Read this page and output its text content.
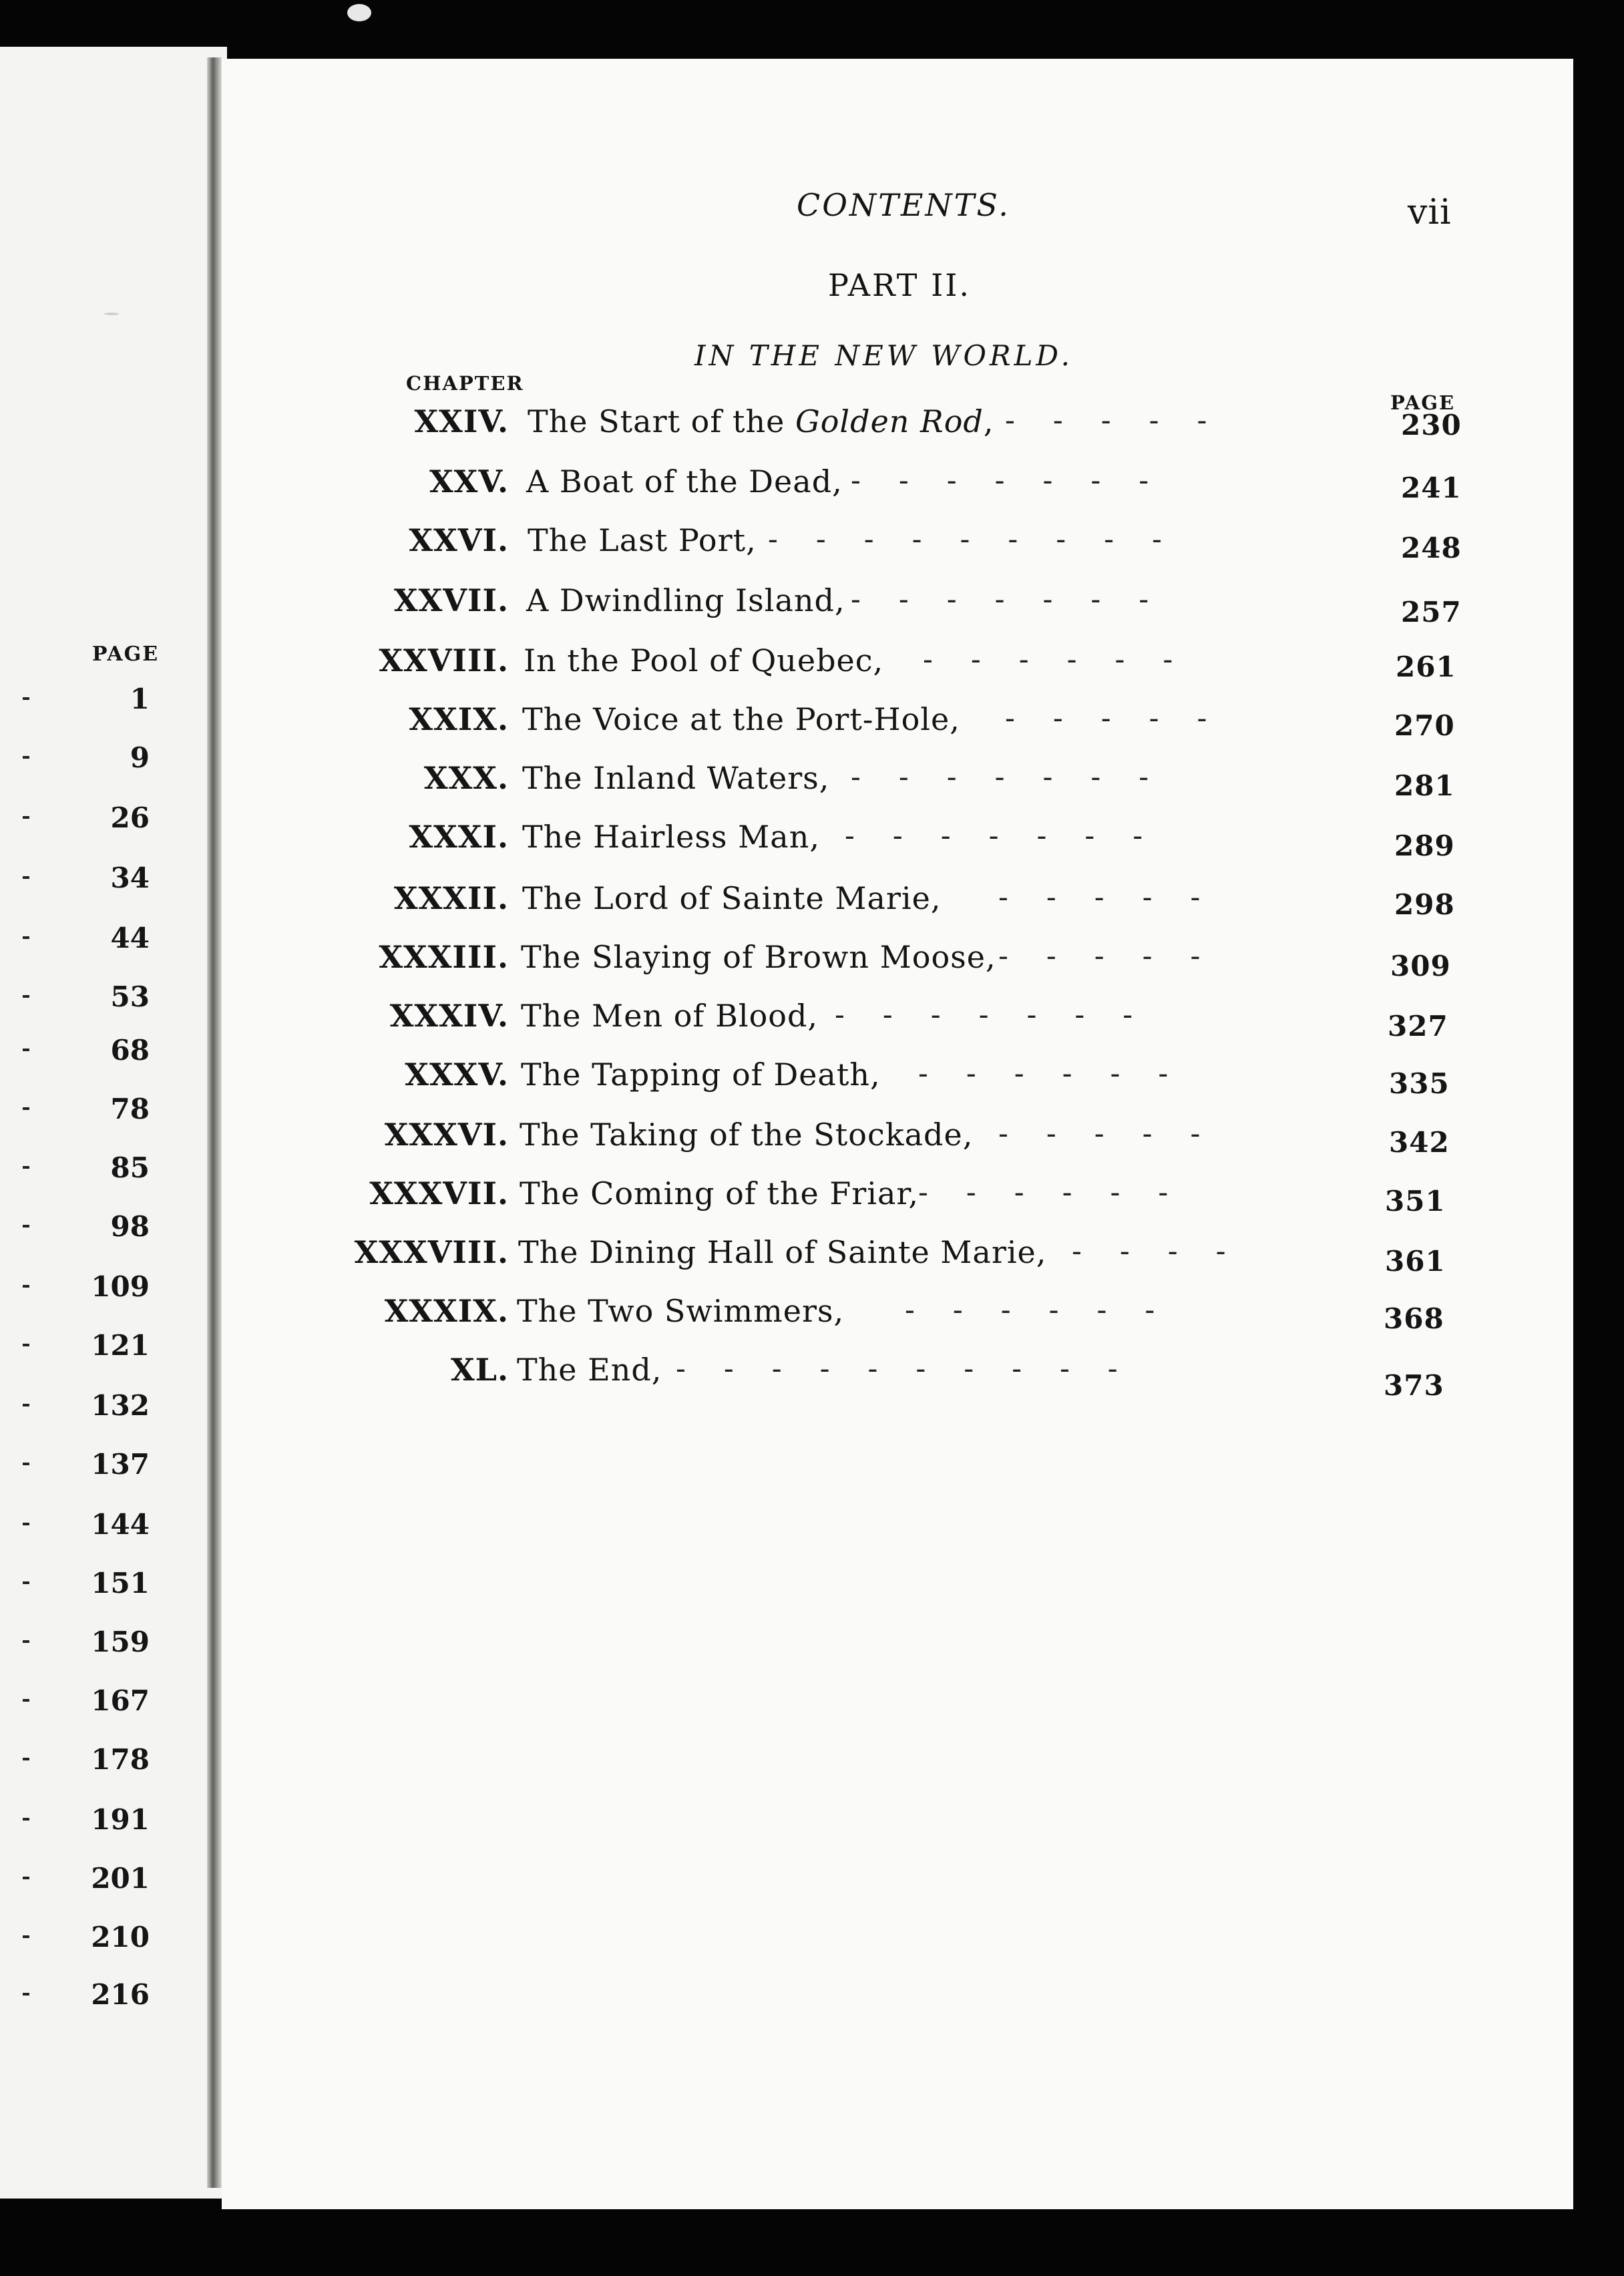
PAGE
1
9
26
34
44
53
68
78
85
98
109
121
132
137
144
151
159
167
178
191
201
210
216
CONTENTS.	vii
PART II.
IN THE NEW WORLD.
CHAPTER
PAGE
XXIV. The Start of the Golden Rod, -----	230
XXV. A Boat of the Dead, -------	241
XXVI. The Last Port, ---------	248
XXVII. A Dwindling Island, -------	257
XXVIII. In the Pool of Quebec, ------	261
XXIX. The Voice at the Port-Hole, -----	270
XXX. The Inland Waters, -------	281
XXXI. The Hairless Man, -------	289
XXXII. The Lord of Sainte Marie, -----	298
XXXIII. The Slaying of Brown Moose, -----	309
XXXIV. The Men of Blood, -------	327
XXXV. The Tapping of Death, ------	335
XXXVI. The Taking of the Stockade, -----	342
XXXVII. The Coming of the Friar, ------	351
XXXVIII. The Dining Hall of Sainte Marie, ----	361
XXXIX. The Two Swimmers, ------	368
XL. The End, ----------	373
